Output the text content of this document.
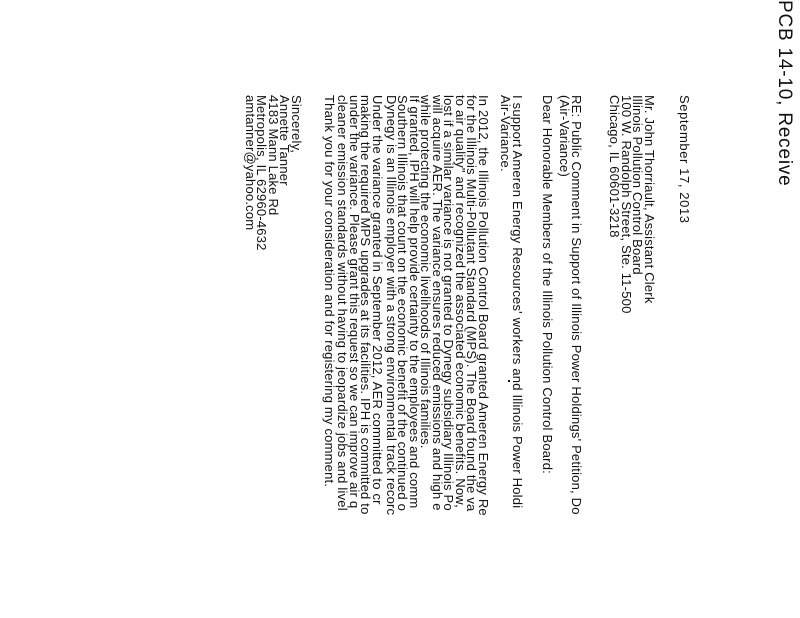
PCB 14-10, Receive
September 17, 2013
Mr. John Thorriault, Assistant Clerk
Illinois Pollution Control Board
100 W. Randolph Street, Ste. 11-500
Chicago, IL 60601-3218
RE: Public Comment in Support of Illinois Power Holdings' Petition, Do
(Air-Variance)
Dear Honorable Members of the Illinois Pollution Control Board:
I support Ameren Energy Resources' workers and Illinois Power Holdi
Air-Variance.
In 2012, the Illinois Pollution Control Board granted Ameren Energy Re
for the Illinois Multi-Pollutant Standard (MPS). The Board found the va
to air quality" and recognized the associated economic benefits. Now,
lost if a similar variance is not granted to Dynegy subsidiary Illinois Po
will acquire AER. The variance ensures reduced emissions and high e
while protecting the economic livelihoods of Illinois families.
If granted, IPH will help provide certainty to the employees and comm
Southern Illinois that count on the economic benefit of the continued o
Dynegy is an Illinois employer with a strong environmental track recorc
Under the variance granted in September 2012, AER committed to cr
making the required MPS upgrades at its facilities. IPH is committed to
under the variance. Please grant this request so we can improve air q
cleaner emission standards without having to jeopardize jobs and livel
Thank you for your consideration and for registering my comment.
Sincerely,
Annette Tanner
4183 Mann Lake Rd
Metropolis, IL 62960-4632
amtanner@yahoo.com
